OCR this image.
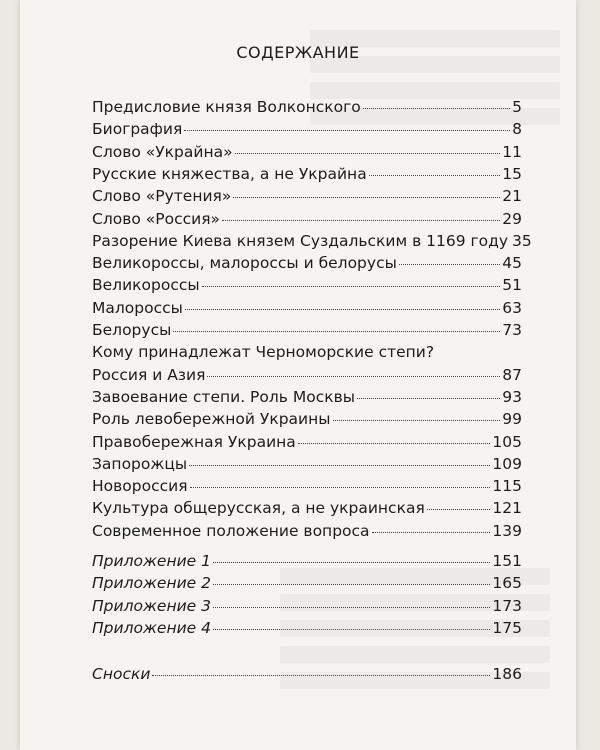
СОДЕРЖАНИЕ
Предисловие князя Волконского	5
Биография	8
Слово «Украйна»	11
Русские княжества, а не Украйна	15
Слово «Рутения»	21
Слово «Россия»	29
Разорение Киева князем Суздальским в 1169 году 35
Великороссы, малороссы и белорусы	45
Великороссы	51
Малороссы	63
Белорусы	73
Кому принадлежат Черноморские степи?
Россия и Азия	87
Завоевание степи. Роль Москвы	93
Роль левобережной Украины	99
Правобережная Украина	105
Запорожцы	109
Новороссия	115
Культура общерусская, а не украинская	121
Современное положение вопроса	139
Приложение 1	151
Приложение 2	165
Приложение 3	173
Приложение 4	175
Сноски	186
